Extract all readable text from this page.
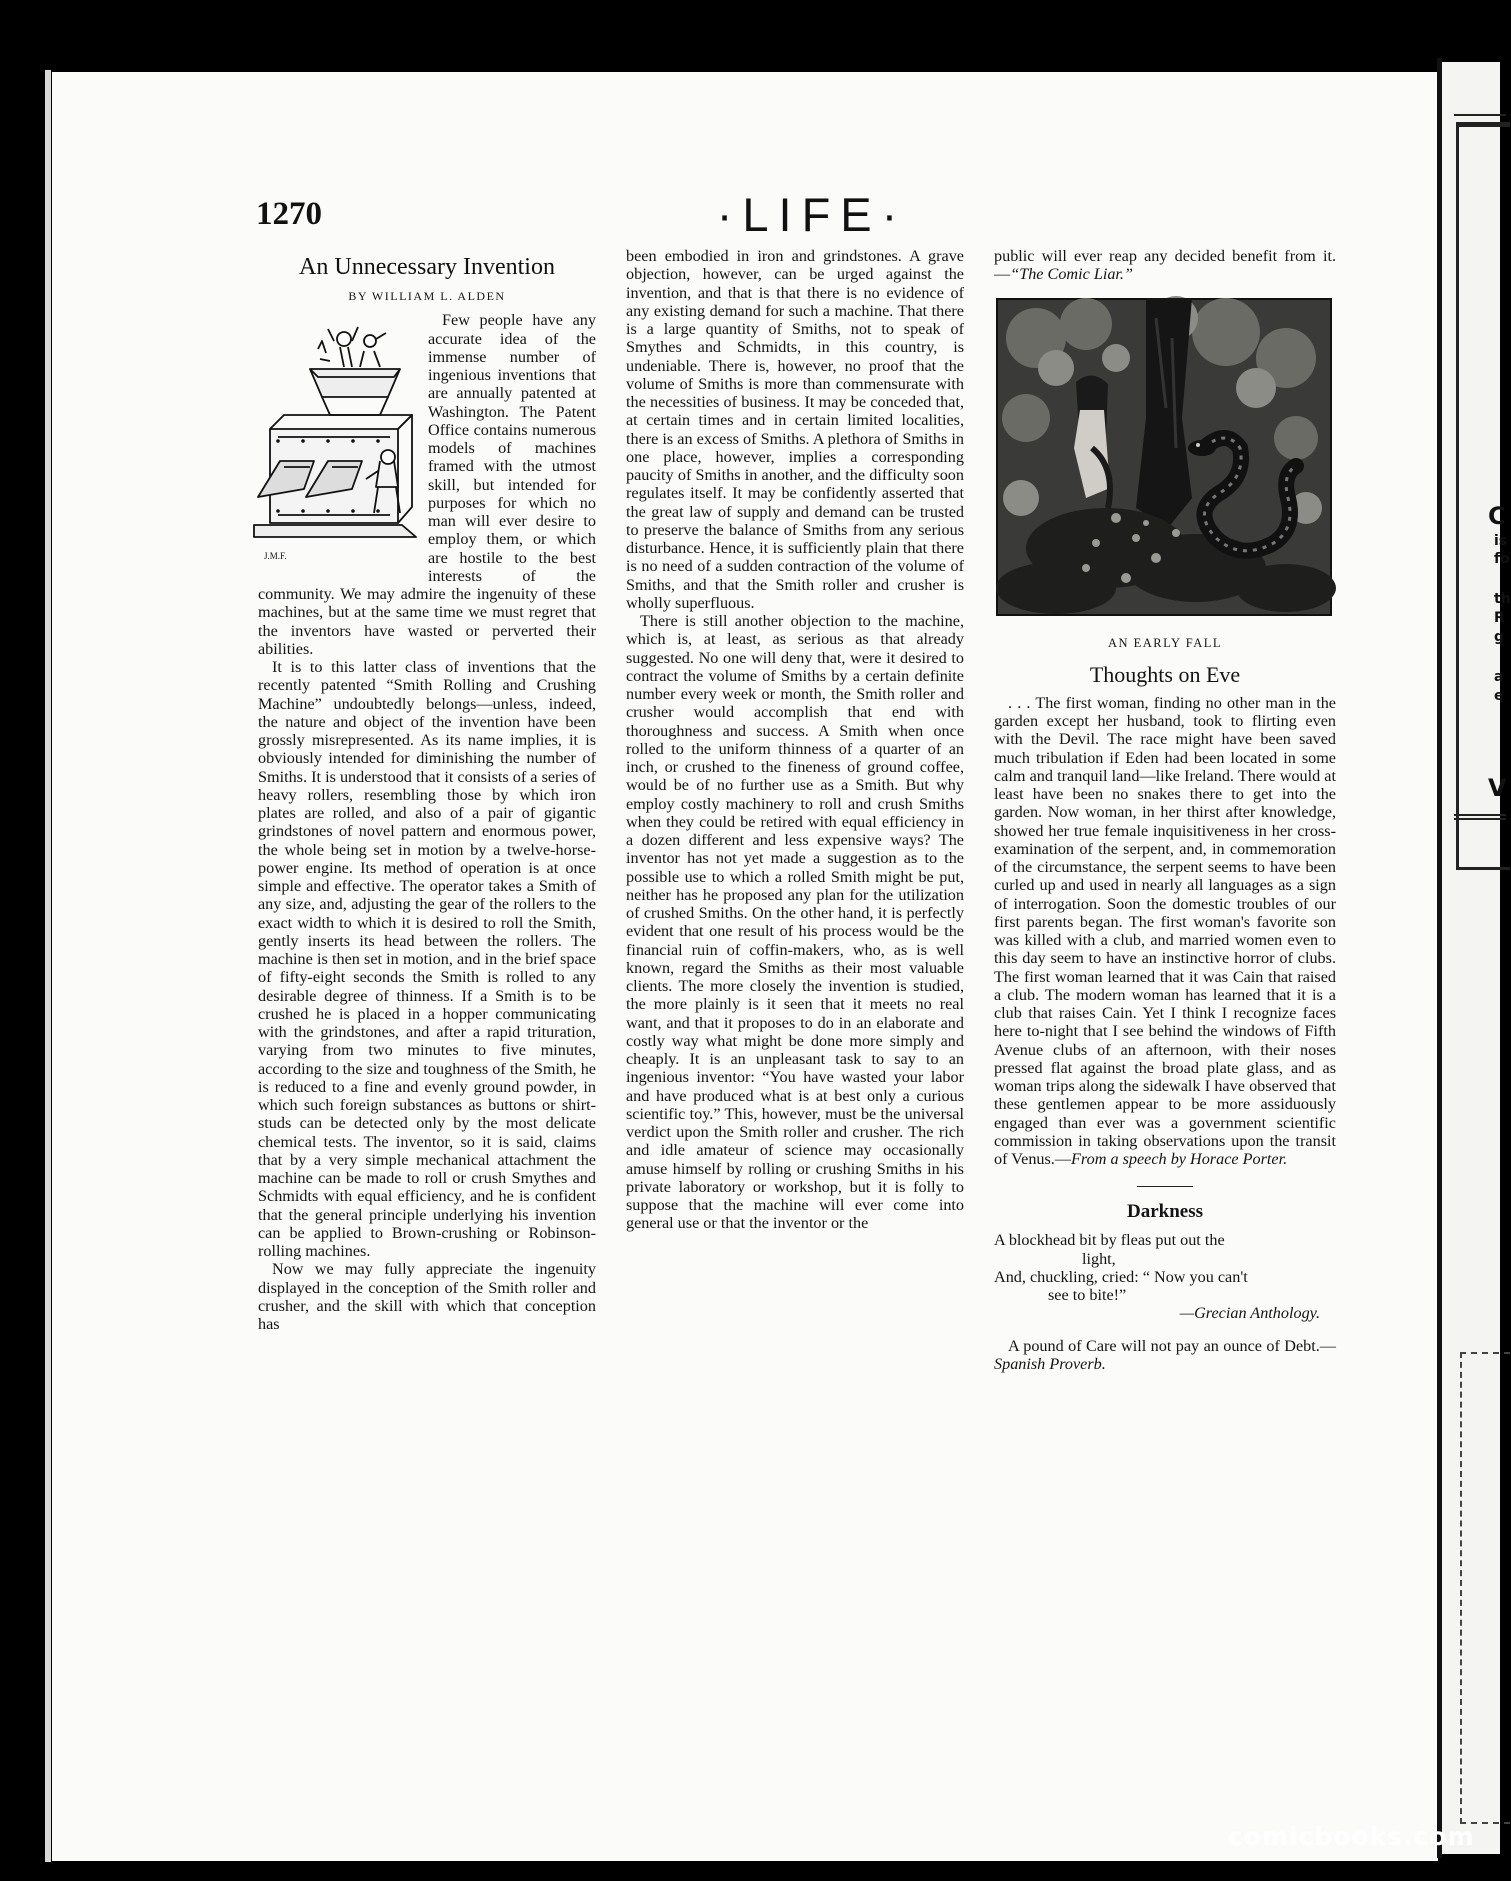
C
is
fo
th
R
g
a
e
V
comicbooks.com
1270	·LIFE·
An Unnecessary Invention
BY WILLIAM L. ALDEN
J.M.F.

Few people have any accurate idea of the immense number of ingenious inventions that are annually patented at Washington. The Patent Office contains numerous models of machines framed with the utmost skill, but intended for purposes for which no man will ever desire to employ them, or which are hostile to the best interests of the community. We may admire the ingenuity of these machines, but at the same time we must regret that the inventors have wasted or perverted their abilities.

It is to this latter class of inventions that the recently patented “Smith Rolling and Crushing Machine” undoubtedly belongs—unless, indeed, the nature and object of the invention have been grossly misrepresented. As its name implies, it is obviously intended for diminishing the number of Smiths. It is understood that it consists of a series of heavy rollers, resembling those by which iron plates are rolled, and also of a pair of gigantic grindstones of novel pattern and enormous power, the whole being set in motion by a twelve-horse-power engine. Its method of operation is at once simple and effective. The operator takes a Smith of any size, and, adjusting the gear of the rollers to the exact width to which it is desired to roll the Smith, gently inserts its head between the rollers. The machine is then set in motion, and in the brief space of fifty-eight seconds the Smith is rolled to any desirable degree of thinness. If a Smith is to be crushed he is placed in a hopper communicating with the grindstones, and after a rapid trituration, varying from two minutes to five minutes, according to the size and toughness of the Smith, he is reduced to a fine and evenly ground powder, in which such foreign substances as buttons or shirt-studs can be detected only by the most delicate chemical tests. The inventor, so it is said, claims that by a very simple mechanical attachment the machine can be made to roll or crush Smythes and Schmidts with equal efficiency, and he is confident that the general principle underlying his invention can be applied to Brown-crushing or Robinson-rolling machines.

Now we may fully appreciate the ingenuity displayed in the conception of the Smith roller and crusher, and the skill with which that conception has

been embodied in iron and grindstones. A grave objection, however, can be urged against the invention, and that is that there is no evidence of any existing demand for such a machine. That there is a large quantity of Smiths, not to speak of Smythes and Schmidts, in this country, is undeniable. There is, however, no proof that the volume of Smiths is more than commensurate with the necessities of business. It may be conceded that, at certain times and in certain limited localities, there is an excess of Smiths. A plethora of Smiths in one place, however, implies a corresponding paucity of Smiths in another, and the difficulty soon regulates itself. It may be confidently asserted that the great law of supply and demand can be trusted to preserve the balance of Smiths from any serious disturbance. Hence, it is sufficiently plain that there is no need of a sudden contraction of the volume of Smiths, and that the Smith roller and crusher is wholly superfluous.

There is still another objection to the machine, which is, at least, as serious as that already suggested. No one will deny that, were it desired to contract the volume of Smiths by a certain definite number every week or month, the Smith roller and crusher would accomplish that end with thoroughness and success. A Smith when once rolled to the uniform thinness of a quarter of an inch, or crushed to the fineness of ground coffee, would be of no further use as a Smith. But why employ costly machinery to roll and crush Smiths when they could be retired with equal efficiency in a dozen different and less expensive ways? The inventor has not yet made a suggestion as to the possible use to which a rolled Smith might be put, neither has he proposed any plan for the utilization of crushed Smiths. On the other hand, it is perfectly evident that one result of his process would be the financial ruin of coffin-makers, who, as is well known, regard the Smiths as their most valuable clients. The more closely the invention is studied, the more plainly is it seen that it meets no real want, and that it proposes to do in an elaborate and costly way what might be done more simply and cheaply. It is an unpleasant task to say to an ingenious inventor: “You have wasted your labor and have produced what is at best only a curious scientific toy.” This, however, must be the universal verdict upon the Smith roller and crusher. The rich and idle amateur of science may occasionally amuse himself by rolling or crushing Smiths in his private laboratory or workshop, but it is folly to suppose that the machine will ever come into general use or that the inventor or the

public will ever reap any decided benefit from it.—“The Comic Liar.”

AN EARLY FALL
Thoughts on Eve

. . . The first woman, finding no other man in the garden except her husband, took to flirting even with the Devil. The race might have been saved much tribulation if Eden had been located in some calm and tranquil land—like Ireland. There would at least have been no snakes there to get into the garden. Now woman, in her thirst after knowledge, showed her true female inquisitiveness in her cross-examination of the serpent, and, in commemoration of the circumstance, the serpent seems to have been curled up and used in nearly all languages as a sign of interrogation. Soon the domestic troubles of our first parents began. The first woman's favorite son was killed with a club, and married women even to this day seem to have an instinctive horror of clubs. The first woman learned that it was Cain that raised a club. The modern woman has learned that it is a club that raises Cain. Yet I think I recognize faces here to-night that I see behind the windows of Fifth Avenue clubs of an afternoon, with their noses pressed flat against the broad plate glass, and as woman trips along the sidewalk I have observed that these gentlemen appear to be more assiduously engaged than ever was a government scientific commission in taking observations upon the transit of Venus.—From a speech by Horace Porter.

Darkness

A blockhead bit by fleas put out the

light,

And, chuckling, cried: “ Now you can't

see to bite!”

—Grecian Anthology.

A pound of Care will not pay an ounce of Debt.—Spanish Proverb.
